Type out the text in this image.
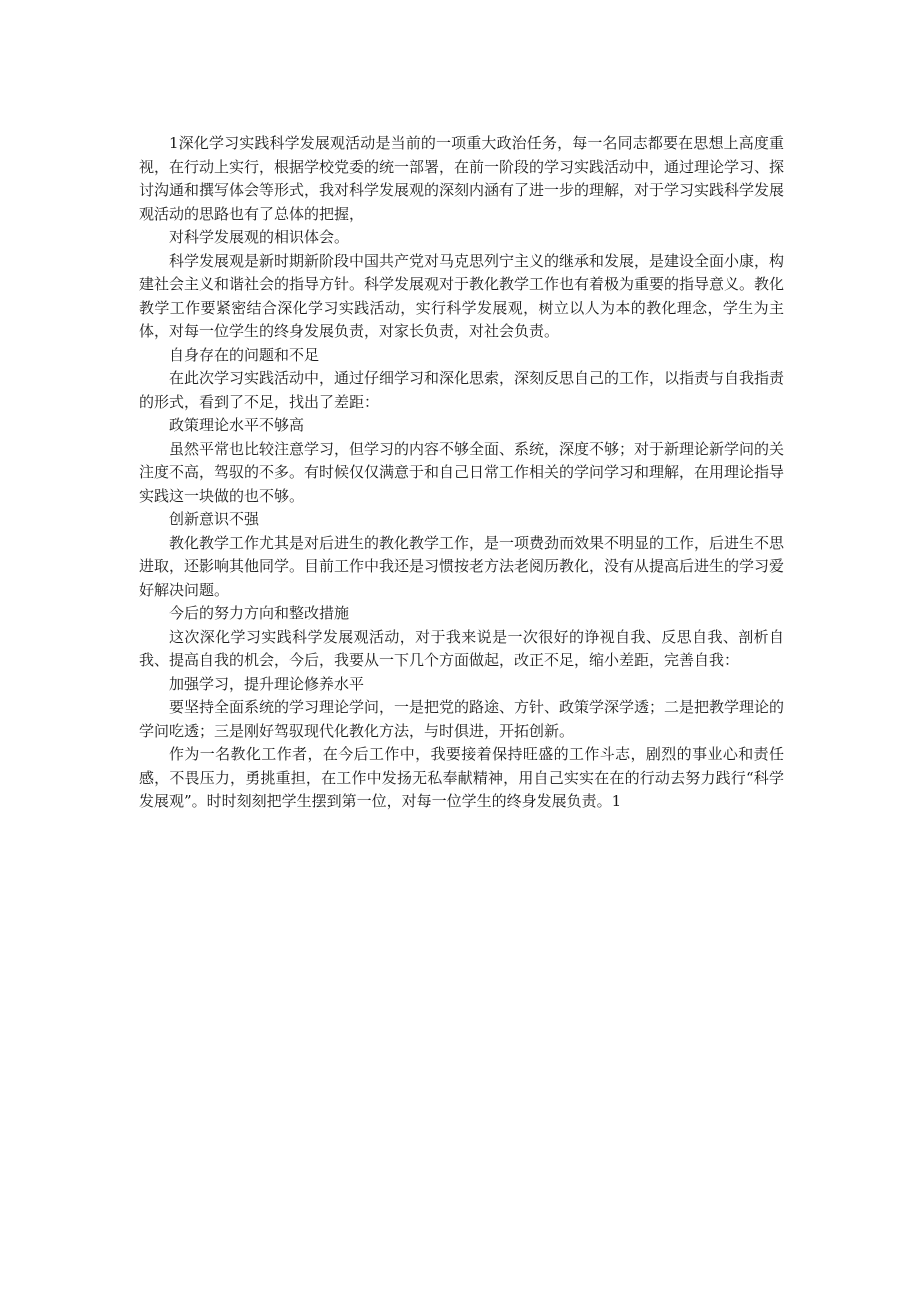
1深化学习实践科学发展观活动是当前的一项重大政治任务，每一名同志都要在思想上高度重视，在行动上实行，根据学校党委的统一部署，在前一阶段的学习实践活动中，通过理论学习、探讨沟通和撰写体会等形式，我对科学发展观的深刻内涵有了进一步的理解，对于学习实践科学发展观活动的思路也有了总体的把握，

对科学发展观的相识体会。

科学发展观是新时期新阶段中国共产党对马克思列宁主义的继承和发展，是建设全面小康，构建社会主义和谐社会的指导方针。科学发展观对于教化教学工作也有着极为重要的指导意义。教化教学工作要紧密结合深化学习实践活动，实行科学发展观，树立以人为本的教化理念，学生为主体，对每一位学生的终身发展负责，对家长负责，对社会负责。

自身存在的问题和不足

在此次学习实践活动中，通过仔细学习和深化思索，深刻反思自己的工作，以指责与自我指责的形式，看到了不足，找出了差距：

政策理论水平不够高

虽然平常也比较注意学习，但学习的内容不够全面、系统，深度不够；对于新理论新学问的关注度不高，驾驭的不多。有时候仅仅满意于和自己日常工作相关的学问学习和理解，在用理论指导实践这一块做的也不够。

创新意识不强

教化教学工作尤其是对后进生的教化教学工作，是一项费劲而效果不明显的工作，后进生不思进取，还影响其他同学。目前工作中我还是习惯按老方法老阅历教化，没有从提高后进生的学习爱好解决问题。

今后的努力方向和整改措施

这次深化学习实践科学发展观活动，对于我来说是一次很好的诤视自我、反思自我、剖析自我、提高自我的机会，今后，我要从一下几个方面做起，改正不足，缩小差距，完善自我：

加强学习，提升理论修养水平

要坚持全面系统的学习理论学问，一是把党的路途、方针、政策学深学透；二是把教学理论的学问吃透；三是刚好驾驭现代化教化方法，与时俱进，开拓创新。

作为一名教化工作者，在今后工作中，我要接着保持旺盛的工作斗志，剧烈的事业心和责任感，不畏压力，勇挑重担，在工作中发扬无私奉献精神，用自己实实在在的行动去努力践行“科学发展观”。时时刻刻把学生摆到第一位，对每一位学生的终身发展负责。1
